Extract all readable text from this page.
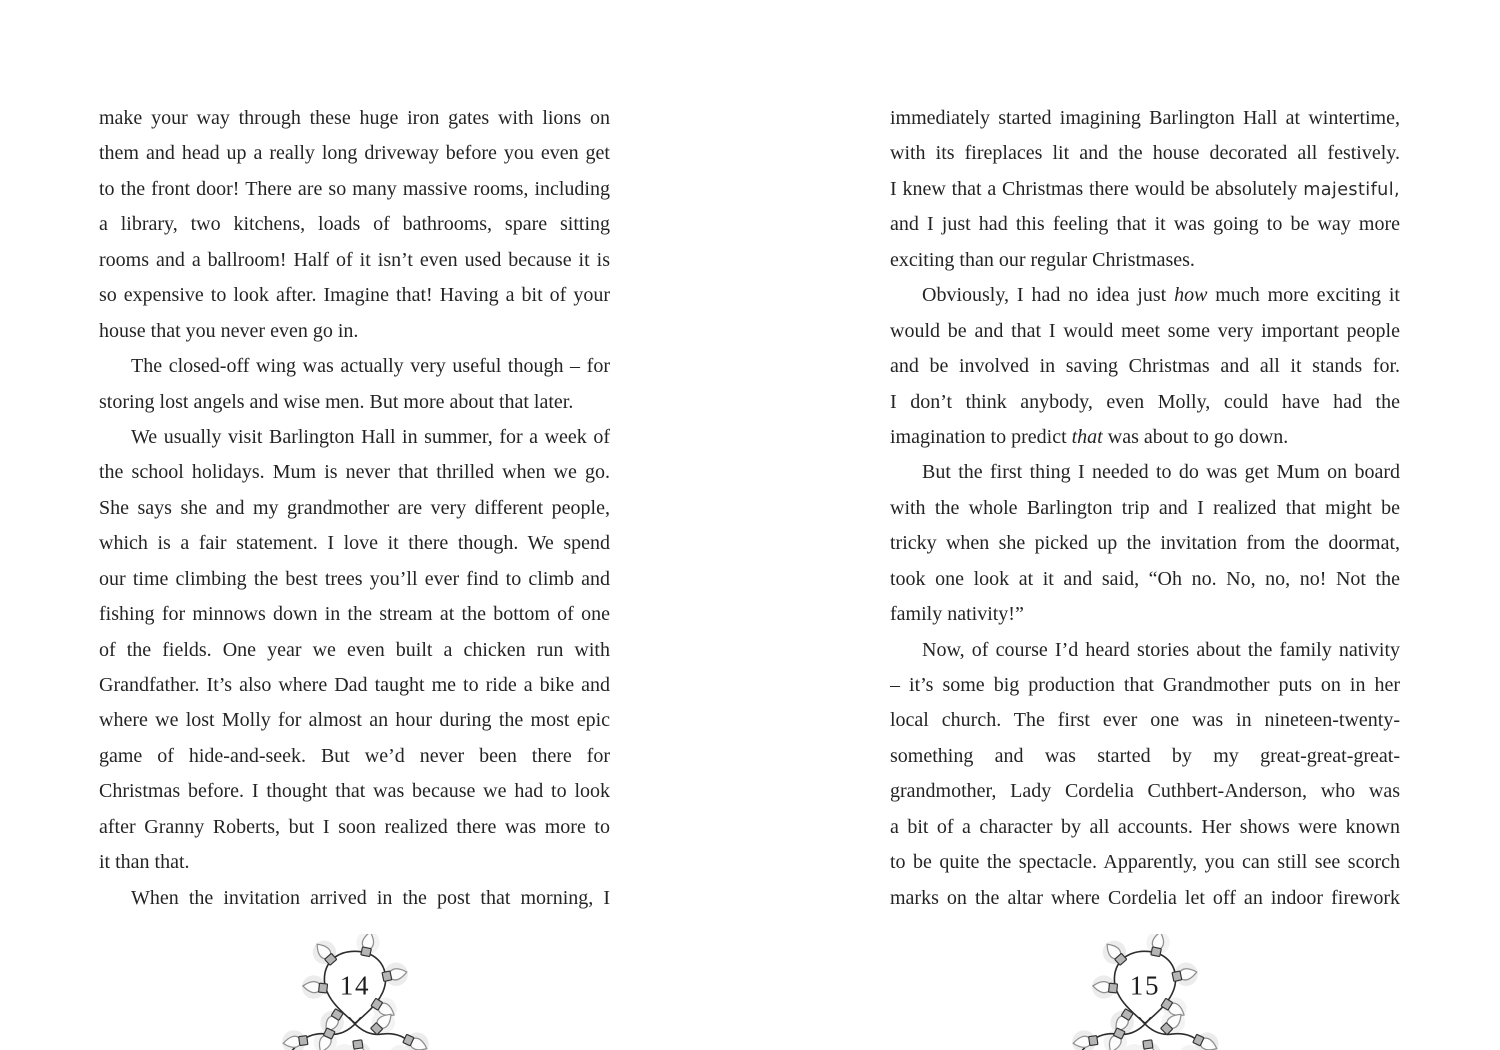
make your way through these huge iron gates with lions on
them and head up a really long driveway before you even get
to the front door! There are so many massive rooms, including
a library, two kitchens, loads of bathrooms, spare sitting
rooms and a ballroom! Half of it isn’t even used because it is
so expensive to look after. Imagine that! Having a bit of your
house that you never even go in.
The closed-off wing was actually very useful though – for
storing lost angels and wise men. But more about that later.
We usually visit Barlington Hall in summer, for a week of
the school holidays. Mum is never that thrilled when we go.
She says she and my grandmother are very different people,
which is a fair statement. I love it there though. We spend
our time climbing the best trees you’ll ever find to climb and
fishing for minnows down in the stream at the bottom of one
of the fields. One year we even built a chicken run with
Grandfather. It’s also where Dad taught me to ride a bike and
where we lost Molly for almost an hour during the most epic
game of hide-and-seek. But we’d never been there for
Christmas before. I thought that was because we had to look
after Granny Roberts, but I soon realized there was more to
it than that.
When the invitation arrived in the post that morning, I
immediately started imagining Barlington Hall at wintertime,
with its fireplaces lit and the house decorated all festively.
I knew that a Christmas there would be absolutely majestiful,
and I just had this feeling that it was going to be way more
exciting than our regular Christmases.
Obviously, I had no idea just how much more exciting it
would be and that I would meet some very important people
and be involved in saving Christmas and all it stands for.
I don’t think anybody, even Molly, could have had the
imagination to predict that was about to go down.
But the first thing I needed to do was get Mum on board
with the whole Barlington trip and I realized that might be
tricky when she picked up the invitation from the doormat,
took one look at it and said, “Oh no. No, no, no! Not the
family nativity!”
Now, of course I’d heard stories about the family nativity
– it’s some big production that Grandmother puts on in her
local church. The first ever one was in nineteen-twenty-
something and was started by my great-great-great-
grandmother, Lady Cordelia Cuthbert-Anderson, who was
a bit of a character by all accounts. Her shows were known
to be quite the spectacle. Apparently, you can still see scorch
marks on the altar where Cordelia let off an indoor firework
14	15
